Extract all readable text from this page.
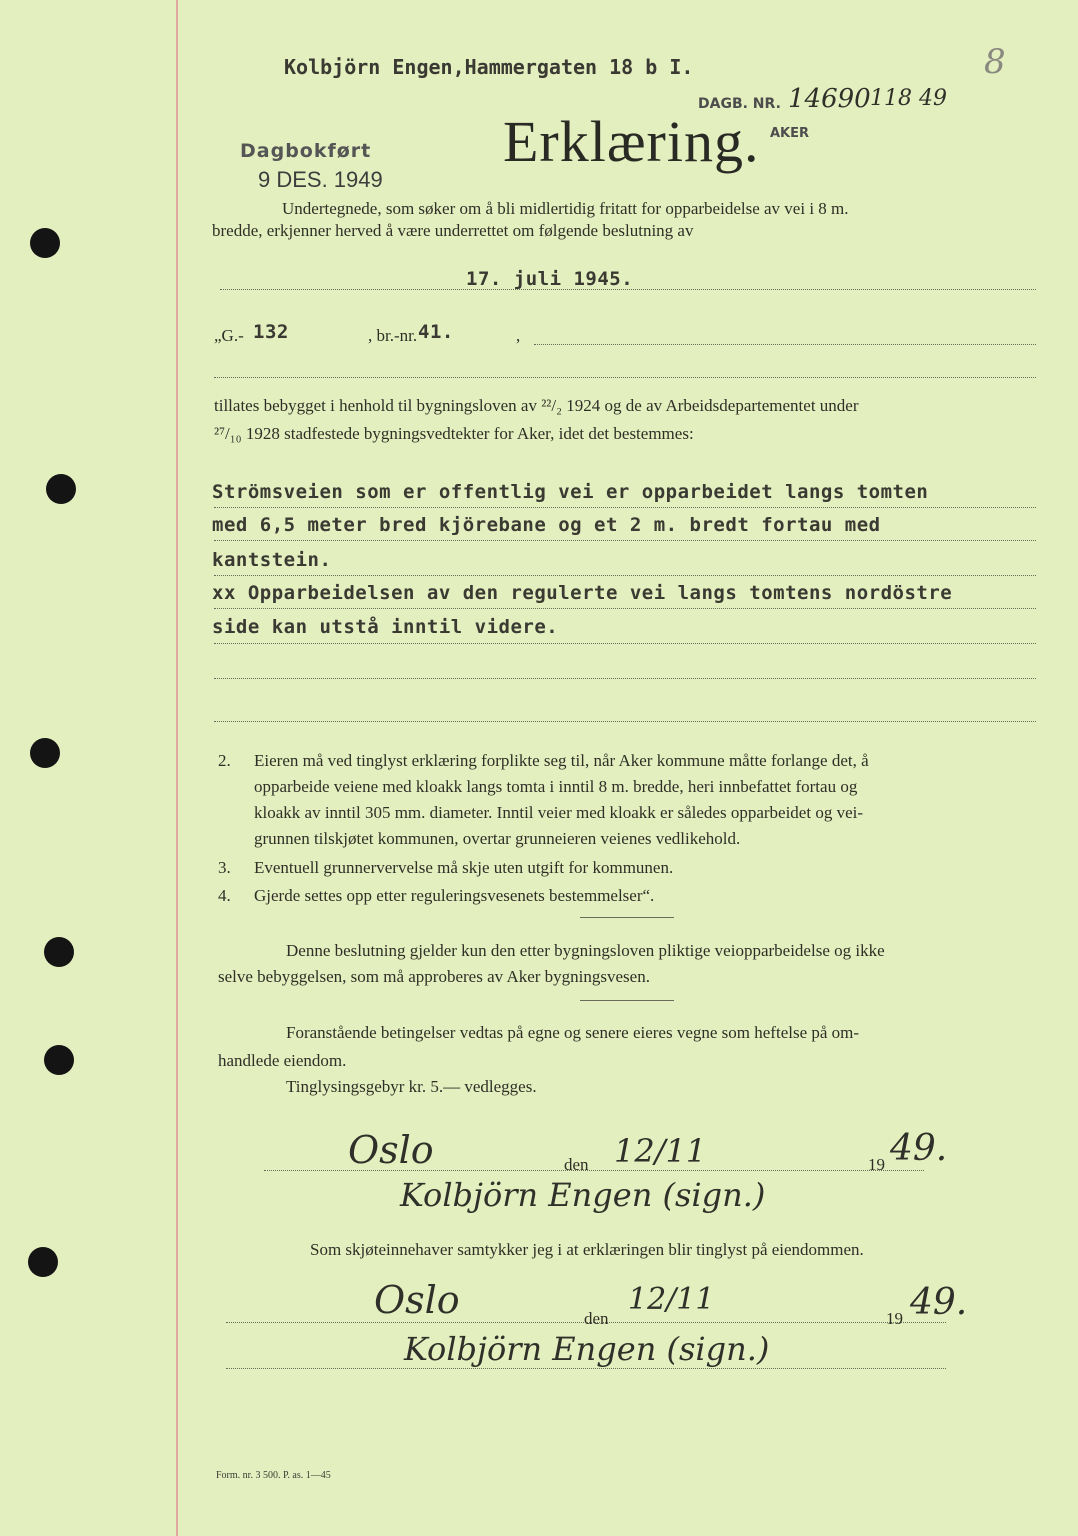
Kolbjörn Engen,Hammergaten 18 b I.	8
Erklæring.
DAGB. NR. 14690 118 49
AKER
Dagbokført
9 DES. 1949
Undertegnede, som søker om å bli midlertidig fritatt for opparbeidelse av vei i 8 m.
bredde, erkjenner herved å være underrettet om følgende beslutning av
17. juli 1945.
„G.- 132	, br.-nr. 41.	,
tillates bebygget i henhold til bygningsloven av ²²/₂ 1924 og de av Arbeidsdepartementet under
²⁷/₁₀ 1928 stadfestede bygningsvedtekter for Aker, idet det bestemmes:
Strömsveien som er offentlig vei er opparbeidet langs tomten
med 6,5 meter bred kjörebane og et 2 m. bredt fortau med
kantstein.
xx Opparbeidelsen av den regulerte vei langs tomtens nordöstre
side kan utstå inntil videre.
2. Eieren må ved tinglyst erklæring forplikte seg til, når Aker kommune måtte forlange det, å
opparbeide veiene med kloakk langs tomta i inntil 8 m. bredde, heri innbefattet fortau og
kloakk av inntil 305 mm. diameter. Inntil veier med kloakk er således opparbeidet og vei-
grunnen tilskjøtet kommunen, overtar grunneieren veienes vedlikehold.
3. Eventuell grunnervervelse må skje uten utgift for kommunen.
4. Gjerde settes opp etter reguleringsvesenets bestemmelser“.
Denne beslutning gjelder kun den etter bygningsloven pliktige veiopparbeidelse og ikke
selve bebyggelsen, som må approberes av Aker bygningsvesen.
Foranstående betingelser vedtas på egne og senere eieres vegne som heftelse på om-
handlede eiendom.
Tinglysingsgebyr kr. 5.— vedlegges.
Oslo	den 12/11	19 49.
Kolbjörn Engen (sign.)
Som skjøteinnehaver samtykker jeg i at erklæringen blir tinglyst på eiendommen.
Oslo	den
12/11
19 49.
Kolbjörn Engen (sign.)
Form. nr. 3 500. P. as. 1—45
